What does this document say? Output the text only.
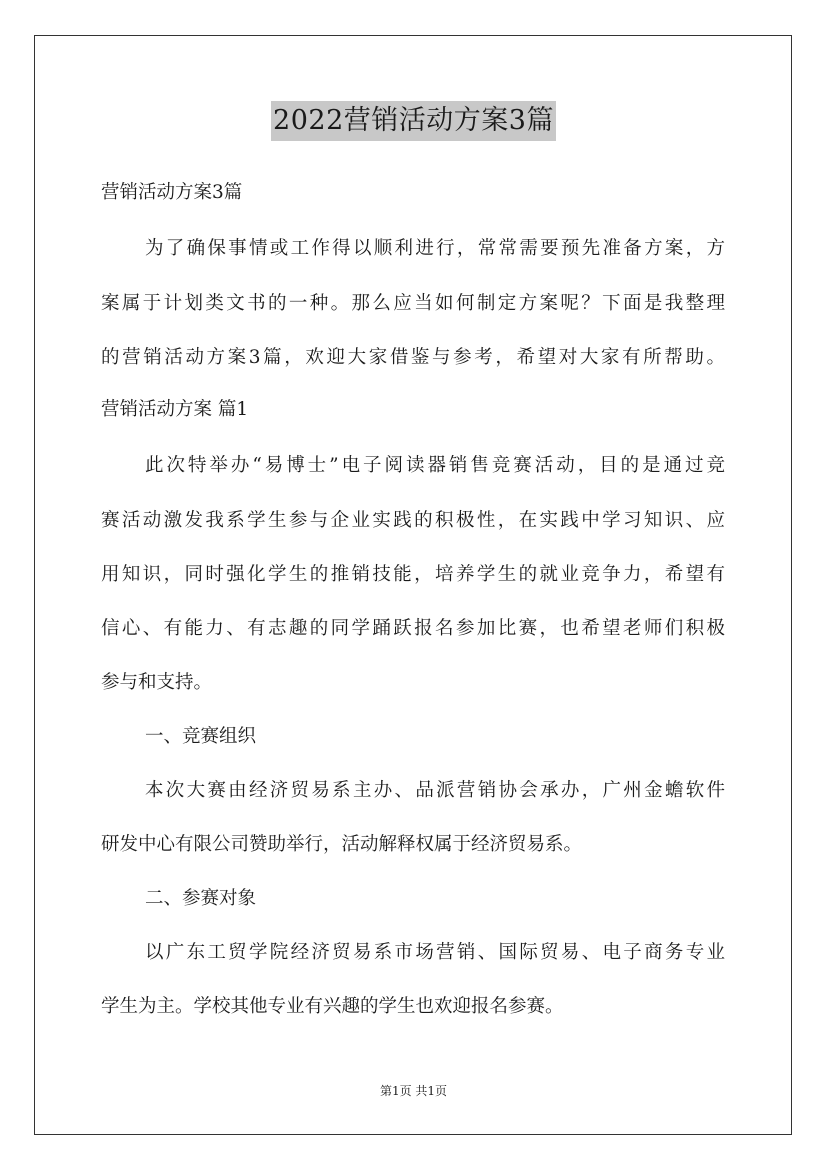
2022营销活动方案3篇
营销活动方案3篇
为了确保事情或工作得以顺利进行，常常需要预先准备方案，方
案属于计划类文书的一种。那么应当如何制定方案呢？下面是我整理
的营销活动方案3篇，欢迎大家借鉴与参考，希望对大家有所帮助。
营销活动方案 篇1
此次特举办“易博士”电子阅读器销售竞赛活动，目的是通过竞
赛活动激发我系学生参与企业实践的积极性，在实践中学习知识、应
用知识，同时强化学生的推销技能，培养学生的就业竞争力，希望有
信心、有能力、有志趣的同学踊跃报名参加比赛，也希望老师们积极
参与和支持。
一、竞赛组织
本次大赛由经济贸易系主办、品派营销协会承办，广州金蟾软件
研发中心有限公司赞助举行，活动解释权属于经济贸易系。
二、参赛对象
以广东工贸学院经济贸易系市场营销、国际贸易、电子商务专业
学生为主。学校其他专业有兴趣的学生也欢迎报名参赛。
第1页 共1页
